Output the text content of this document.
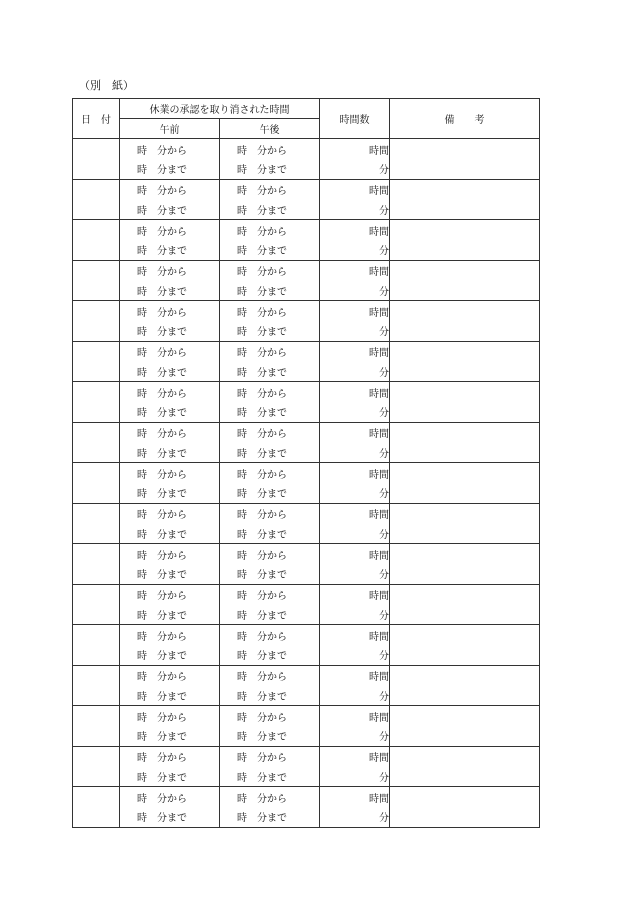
（別　紙）
日　付	休業の承認を取り消された時間		時間数	備　　考
	午前	午後		

	時 分から	時 分から	時間	

	時 分まで	時 分まで	分	

	時 分から	時 分から	時間	

	時 分まで	時 分まで	分	

	時 分から	時 分から	時間	

	時 分まで	時 分まで	分	

	時 分から	時 分から	時間	

	時 分まで	時 分まで	分	

	時 分から	時 分から	時間	

	時 分まで	時 分まで	分	

	時 分から	時 分から	時間	

	時 分まで	時 分まで	分	

	時 分から	時 分から	時間	

	時 分まで	時 分まで	分	

	時 分から	時 分から	時間	

	時 分まで	時 分まで	分	

	時 分から	時 分から	時間	

	時 分まで	時 分まで	分	

	時 分から	時 分から	時間	

	時 分まで	時 分まで	分	

	時 分から	時 分から	時間	

	時 分まで	時 分まで	分	

	時 分から	時 分から	時間	

	時 分まで	時 分まで	分	

	時 分から	時 分から	時間	

	時 分まで	時 分まで	分	

	時 分から	時 分から	時間	

	時 分まで	時 分まで	分	

	時 分から	時 分から	時間	

	時 分まで	時 分まで	分	

	時 分から	時 分から	時間	

	時 分まで	時 分まで	分	

	時 分から	時 分から	時間	

	時 分まで	時 分まで	分	
